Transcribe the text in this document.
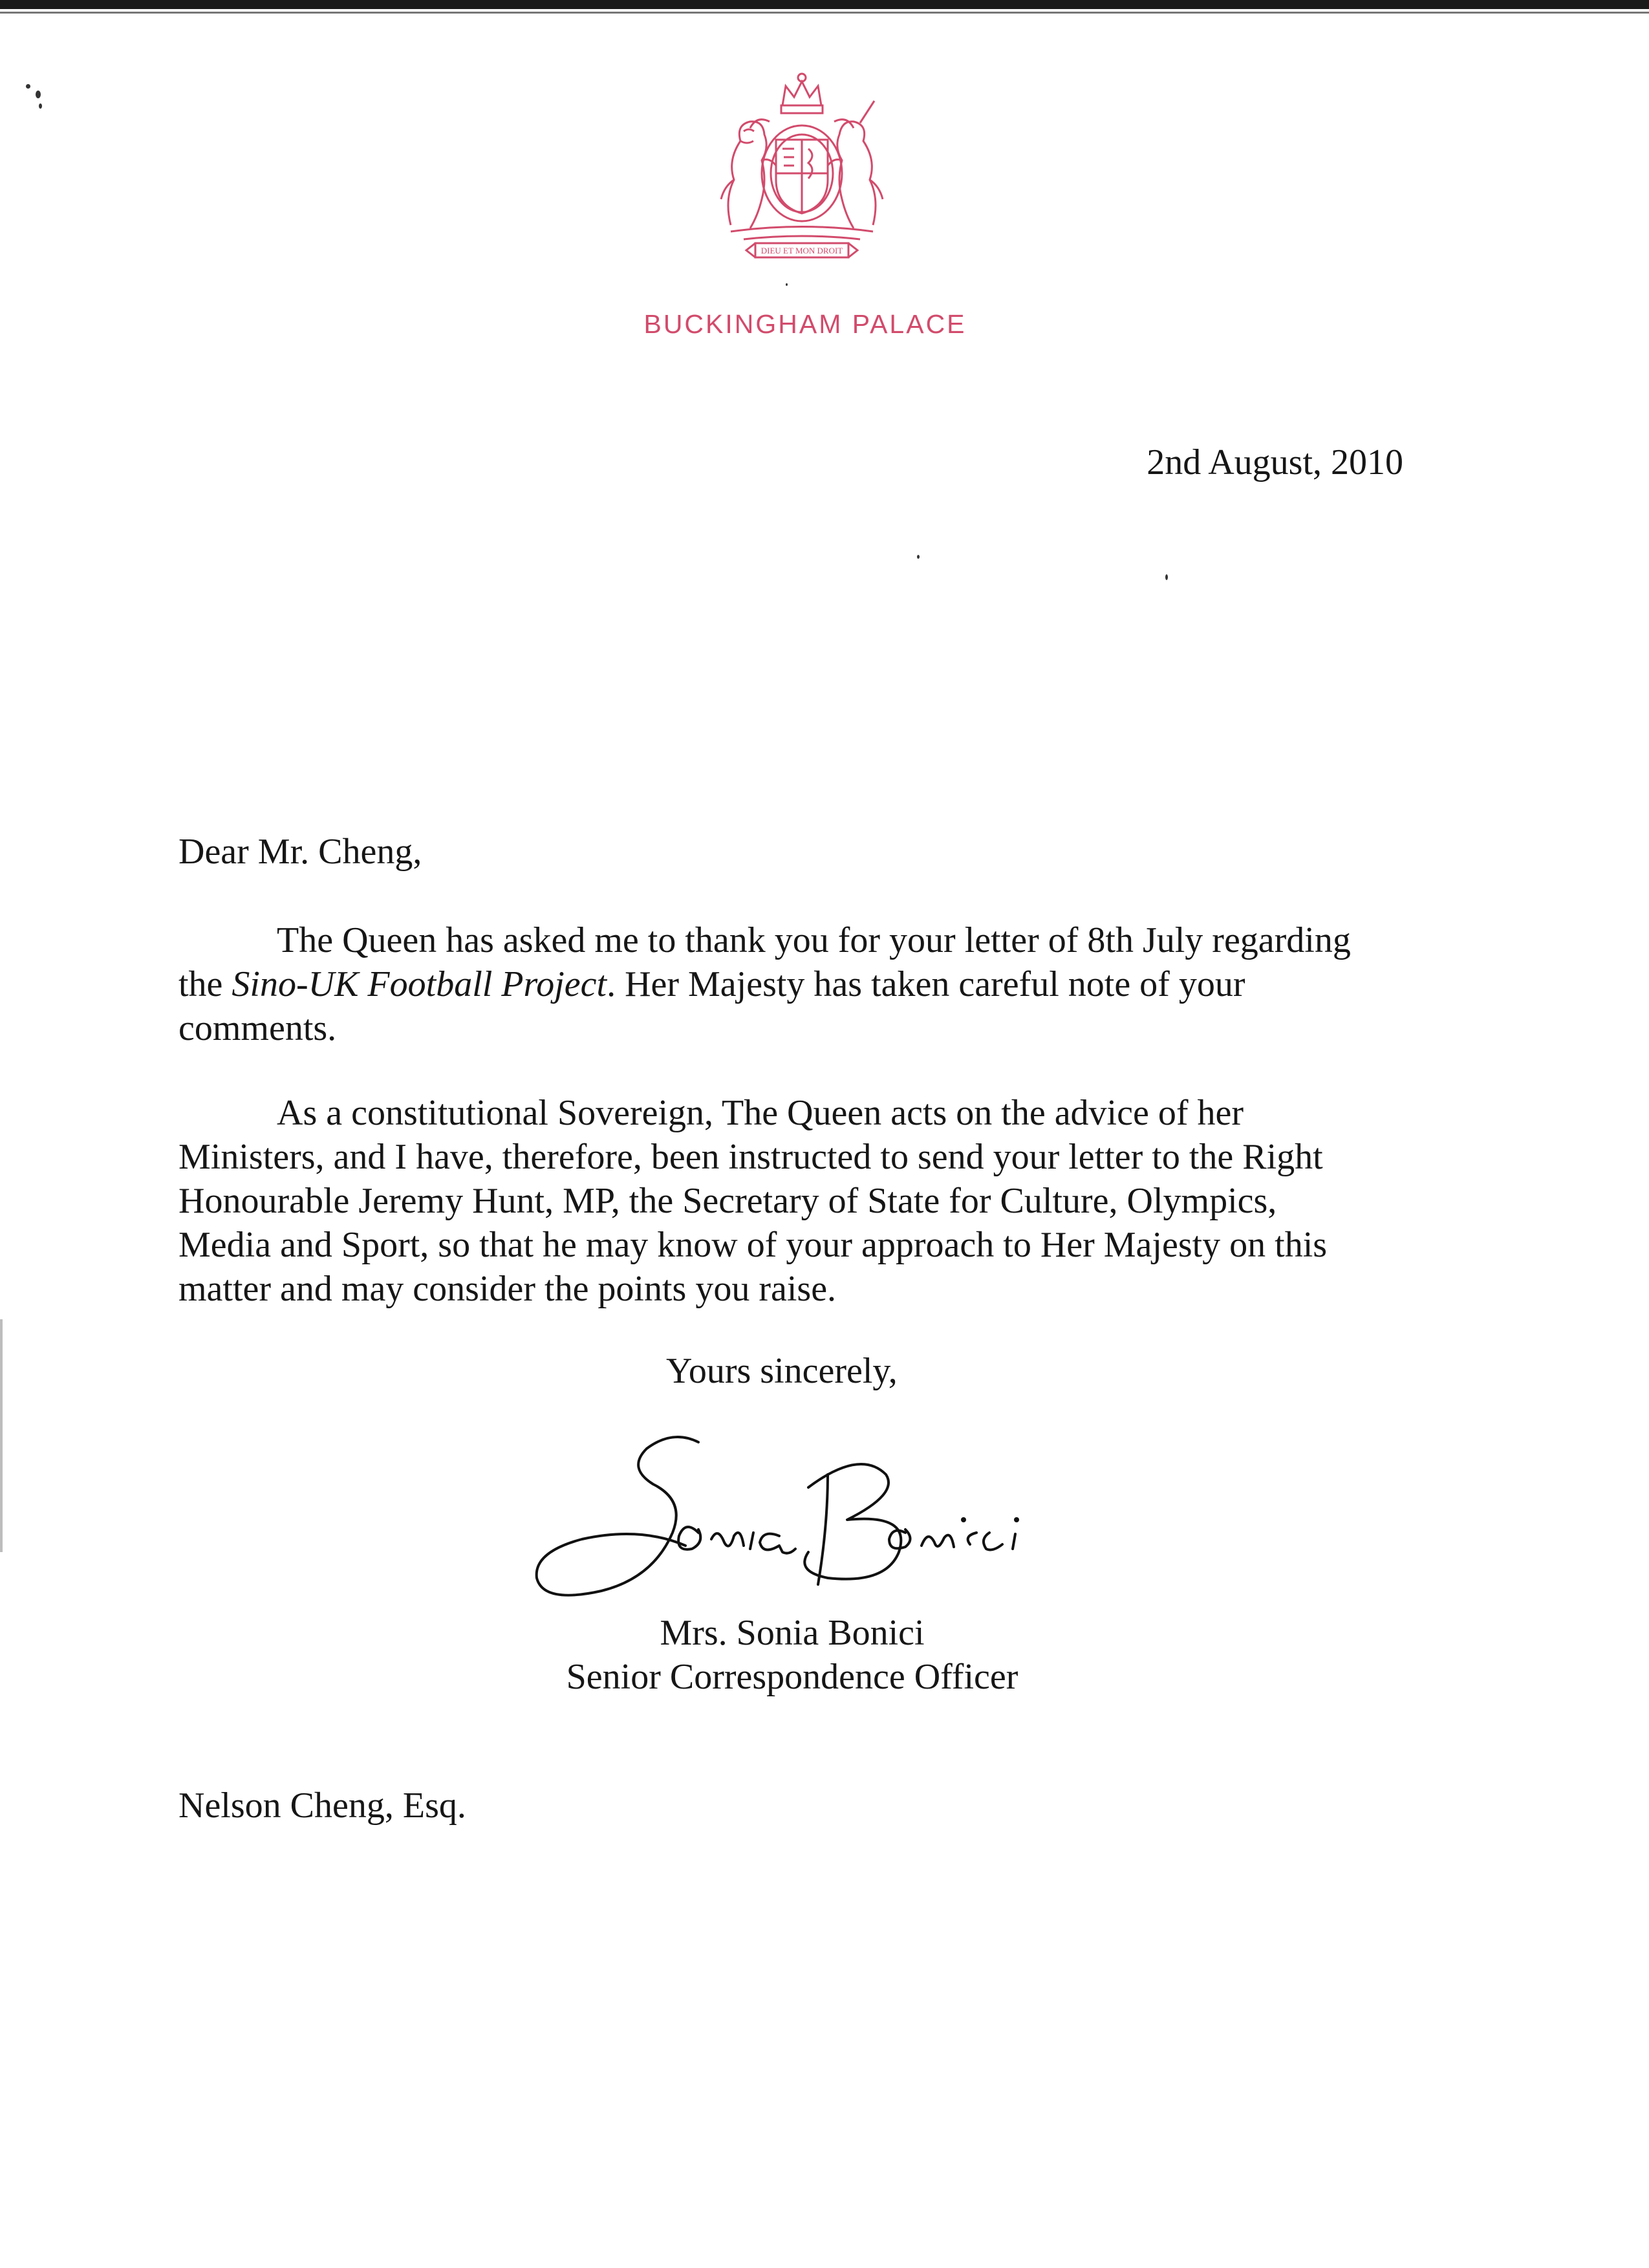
DIEU ET MON DROIT
BUCKINGHAM PALACE
2nd August, 2010
Dear Mr. Cheng,

The Queen has asked me to thank you for your letter of 8th July regarding
the Sino-UK Football Project. Her Majesty has taken careful note of your
comments.

As a constitutional Sovereign, The Queen acts on the advice of her
Ministers, and I have, therefore, been instructed to send your letter to the Right
Honourable Jeremy Hunt, MP, the Secretary of State for Culture, Olympics,
Media and Sport, so that he may know of your approach to Her Majesty on this
matter and may consider the points you raise.

Yours sincerely,
Mrs. Sonia Bonici
Senior Correspondence Officer
Nelson Cheng, Esq.
